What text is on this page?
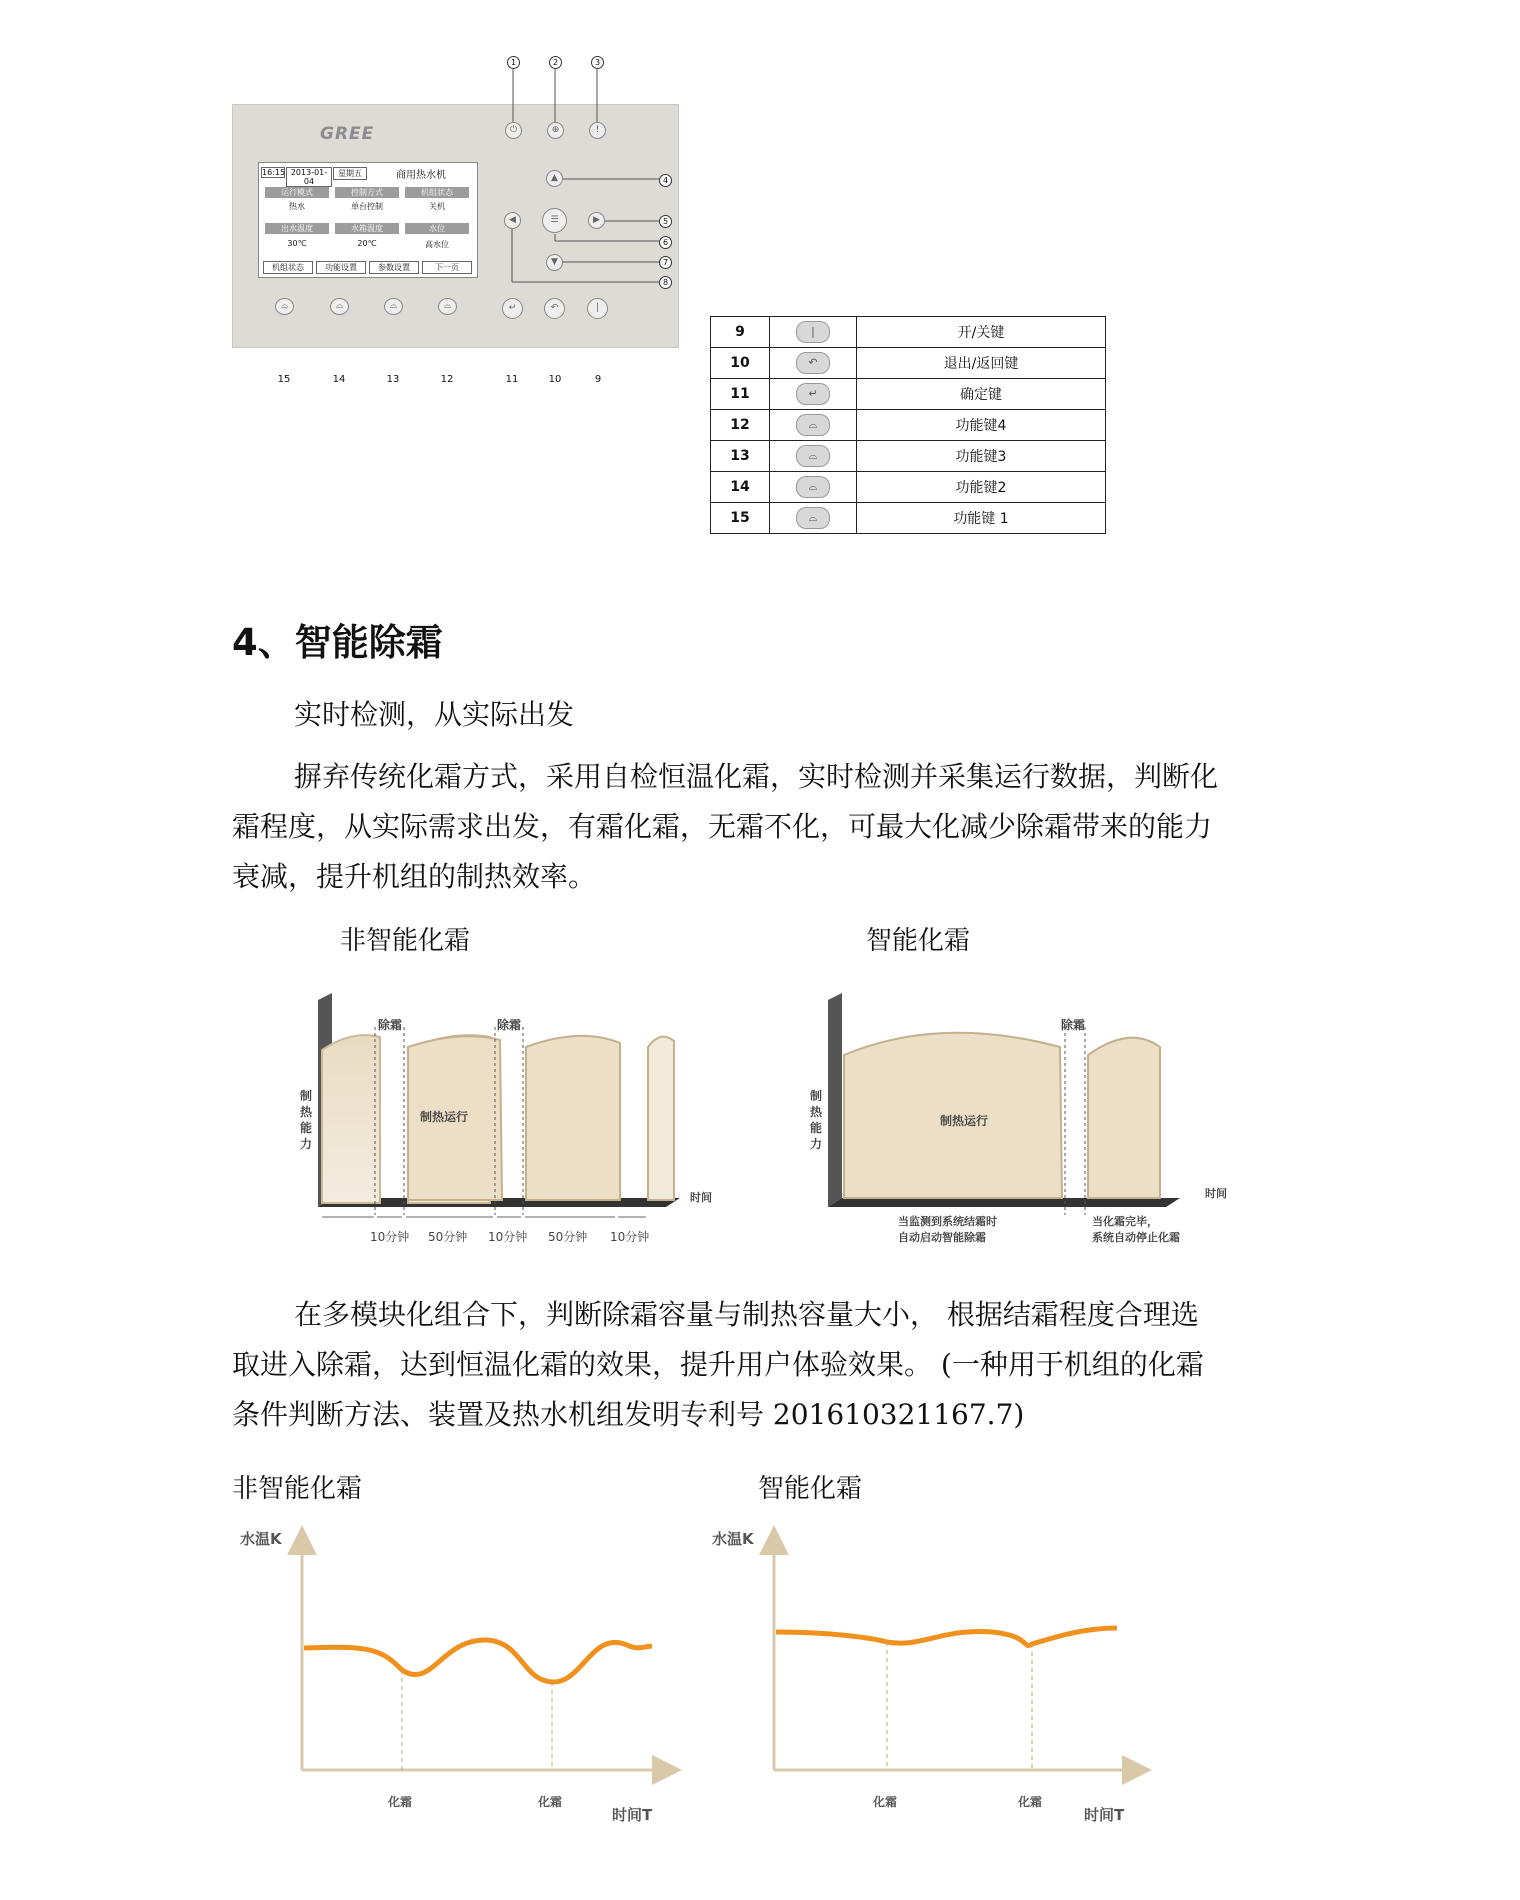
GREE
16:15 2013-01-04
星期五	商用热水机
运行模式
热水
控制方式
单台控制
机组状态
关机
出水温度
30℃
水箱温度
20℃
水位
高水位
机组状态	功能设置	参数设置	下一页
⏻	⊕	!
▲
◀	☰	▶
▼
⌓	⌓	⌓	⌓	↵	↶	|
1	2	3
4
5
6
7
8
15	14	13	12	11	10	9
9	|	开/关键
10	↶	退出/返回键
11	↵	确定键
12	⌓	功能键4
13	⌓	功能键3
14	⌓	功能键2
15	⌓	功能键 1
4、智能除霜
实时检测，从实际出发
摒弃传统化霜方式，采用自检恒温化霜，实时检测并采集运行数据，判断化
霜程度，从实际需求出发，有霜化霜，无霜不化，可最大化减少除霜带来的能力
衰减，提升机组的制热效率。
非智能化霜	智能化霜
除霜	除霜
制热运行
制热能力
时间
10分钟 50分钟 10分钟 50分钟 10分钟
除霜
制热运行
制热能力
时间
当监测到系统结霜时
自动启动智能除霜
当化霜完毕，
系统自动停止化霜
在多模块化组合下，判断除霜容量与制热容量大小， 根据结霜程度合理选
取进入除霜，达到恒温化霜的效果，提升用户体验效果。 (一种用于机组的化霜
条件判断方法、装置及热水机组发明专利号 201610321167.7)
非智能化霜	智能化霜
水温K
时间T
化霜	化霜
水温K
时间T
化霜	化霜
